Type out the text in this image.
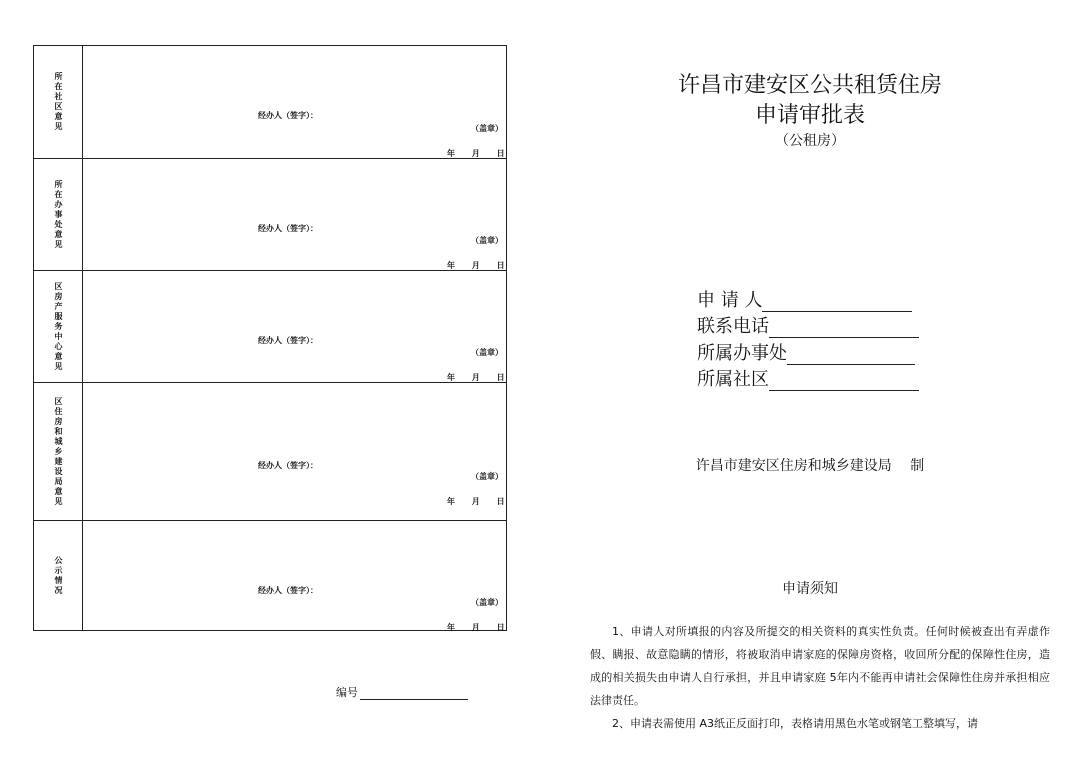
所在社区意见	经办人（签字）：
（盖章）
年 月 日
所在办事处意见	经办人（签字）：
（盖章）
年 月 日
区房产服务中心意见	经办人（签字）：
（盖章）
年 月 日
区住房和城乡建设局意见	经办人（签字）：
（盖章）
年 月 日
公示情况	经办人（签字）：
（盖章）
年 月 日
编号
许昌市建安区公共租赁住房
申请审批表
（公租房）
申 请 人
联系电话
所属办事处
所属社区
许昌市建安区住房和城乡建设局 制
申请须知

1、申请人对所填报的内容及所提交的相关资料的真实性负责。任何时候被查出有弄虚作假、瞒报、故意隐瞒的情形，将被取消申请家庭的保障房资格，收回所分配的保障性住房，造成的相关损失由申请人自行承担，并且申请家庭 5年内不能再申请社会保障性住房并承担相应法律责任。

2、申请表需使用 A3纸正反面打印，表格请用黑色水笔或钢笔工整填写，请
